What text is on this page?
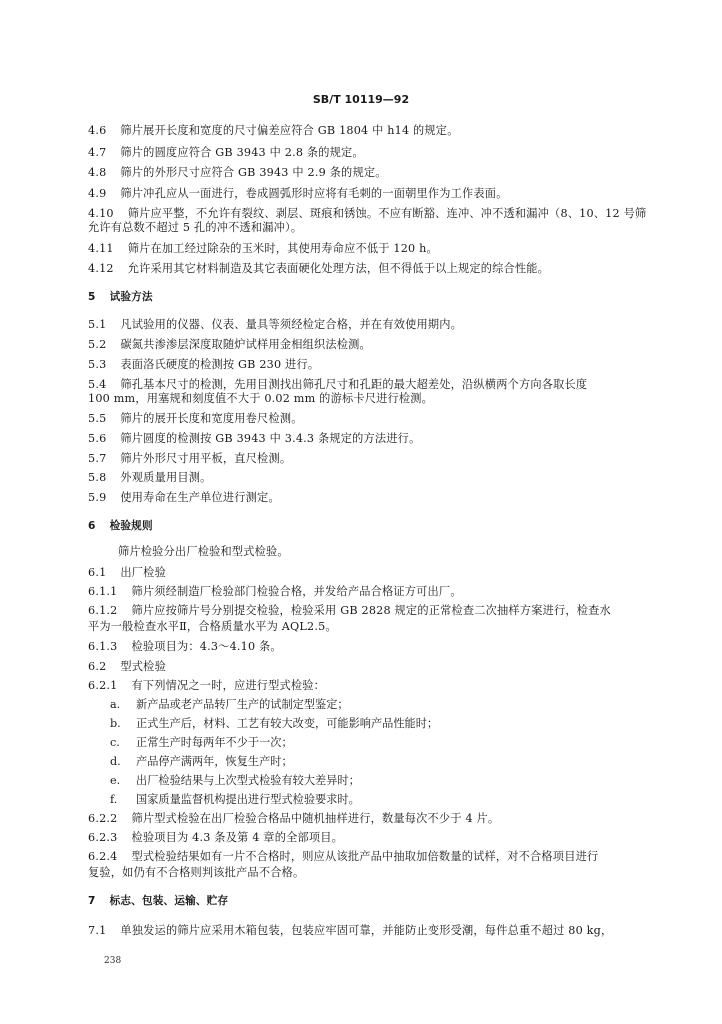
SB/T 10119—92
4.6 筛片展开长度和宽度的尺寸偏差应符合 GB 1804 中 h14 的规定。
4.7 筛片的圆度应符合 GB 3943 中 2.8 条的规定。
4.8 筛片的外形尺寸应符合 GB 3943 中 2.9 条的规定。
4.9 筛片冲孔应从一面进行，卷成圆弧形时应将有毛刺的一面朝里作为工作表面。
4.10 筛片应平整，不允许有裂纹、剥层、斑痕和锈蚀。不应有断豁、连冲、冲不透和漏冲（8、10、12 号筛
允许有总数不超过 5 孔的冲不透和漏冲）。
4.11 筛片在加工经过除杂的玉米时，其使用寿命应不低于 120 h。
4.12 允许采用其它材料制造及其它表面硬化处理方法，但不得低于以上规定的综合性能。
5 试验方法
5.1 凡试验用的仪器、仪表、量具等须经检定合格，并在有效使用期内。
5.2 碳氮共渗渗层深度取随炉试样用金相组织法检测。
5.3 表面洛氏硬度的检测按 GB 230 进行。
5.4 筛孔基本尺寸的检测，先用目测找出筛孔尺寸和孔距的最大超差处，沿纵横两个方向各取长度
100 mm，用塞规和刻度值不大于 0.02 mm 的游标卡尺进行检测。
5.5 筛片的展开长度和宽度用卷尺检测。
5.6 筛片圆度的检测按 GB 3943 中 3.4.3 条规定的方法进行。
5.7 筛片外形尺寸用平板，直尺检测。
5.8 外观质量用目测。
5.9 使用寿命在生产单位进行测定。
6 检验规则
筛片检验分出厂检验和型式检验。
6.1 出厂检验
6.1.1 筛片须经制造厂检验部门检验合格，并发给产品合格证方可出厂。
6.1.2 筛片应按筛片号分别提交检验，检验采用 GB 2828 规定的正常检查二次抽样方案进行，检查水
平为一般检查水平Ⅱ，合格质量水平为 AQL2.5。
6.1.3 检验项目为：4.3～4.10 条。
6.2 型式检验
6.2.1 有下列情况之一时，应进行型式检验：
a. 新产品或老产品转厂生产的试制定型鉴定；
b. 正式生产后，材料、工艺有较大改变，可能影响产品性能时；
c. 正常生产时每两年不少于一次；
d. 产品停产满两年，恢复生产时；
e. 出厂检验结果与上次型式检验有较大差异时；
f. 国家质量监督机构提出进行型式检验要求时。
6.2.2 筛片型式检验在出厂检验合格品中随机抽样进行，数量每次不少于 4 片。
6.2.3 检验项目为 4.3 条及第 4 章的全部项目。
6.2.4 型式检验结果如有一片不合格时，则应从该批产品中抽取加倍数量的试样，对不合格项目进行
复验，如仍有不合格则判该批产品不合格。
7 标志、包装、运输、贮存
7.1 单独发运的筛片应采用木箱包装，包装应牢固可靠，并能防止变形受潮，每件总重不超过 80 kg，
238
